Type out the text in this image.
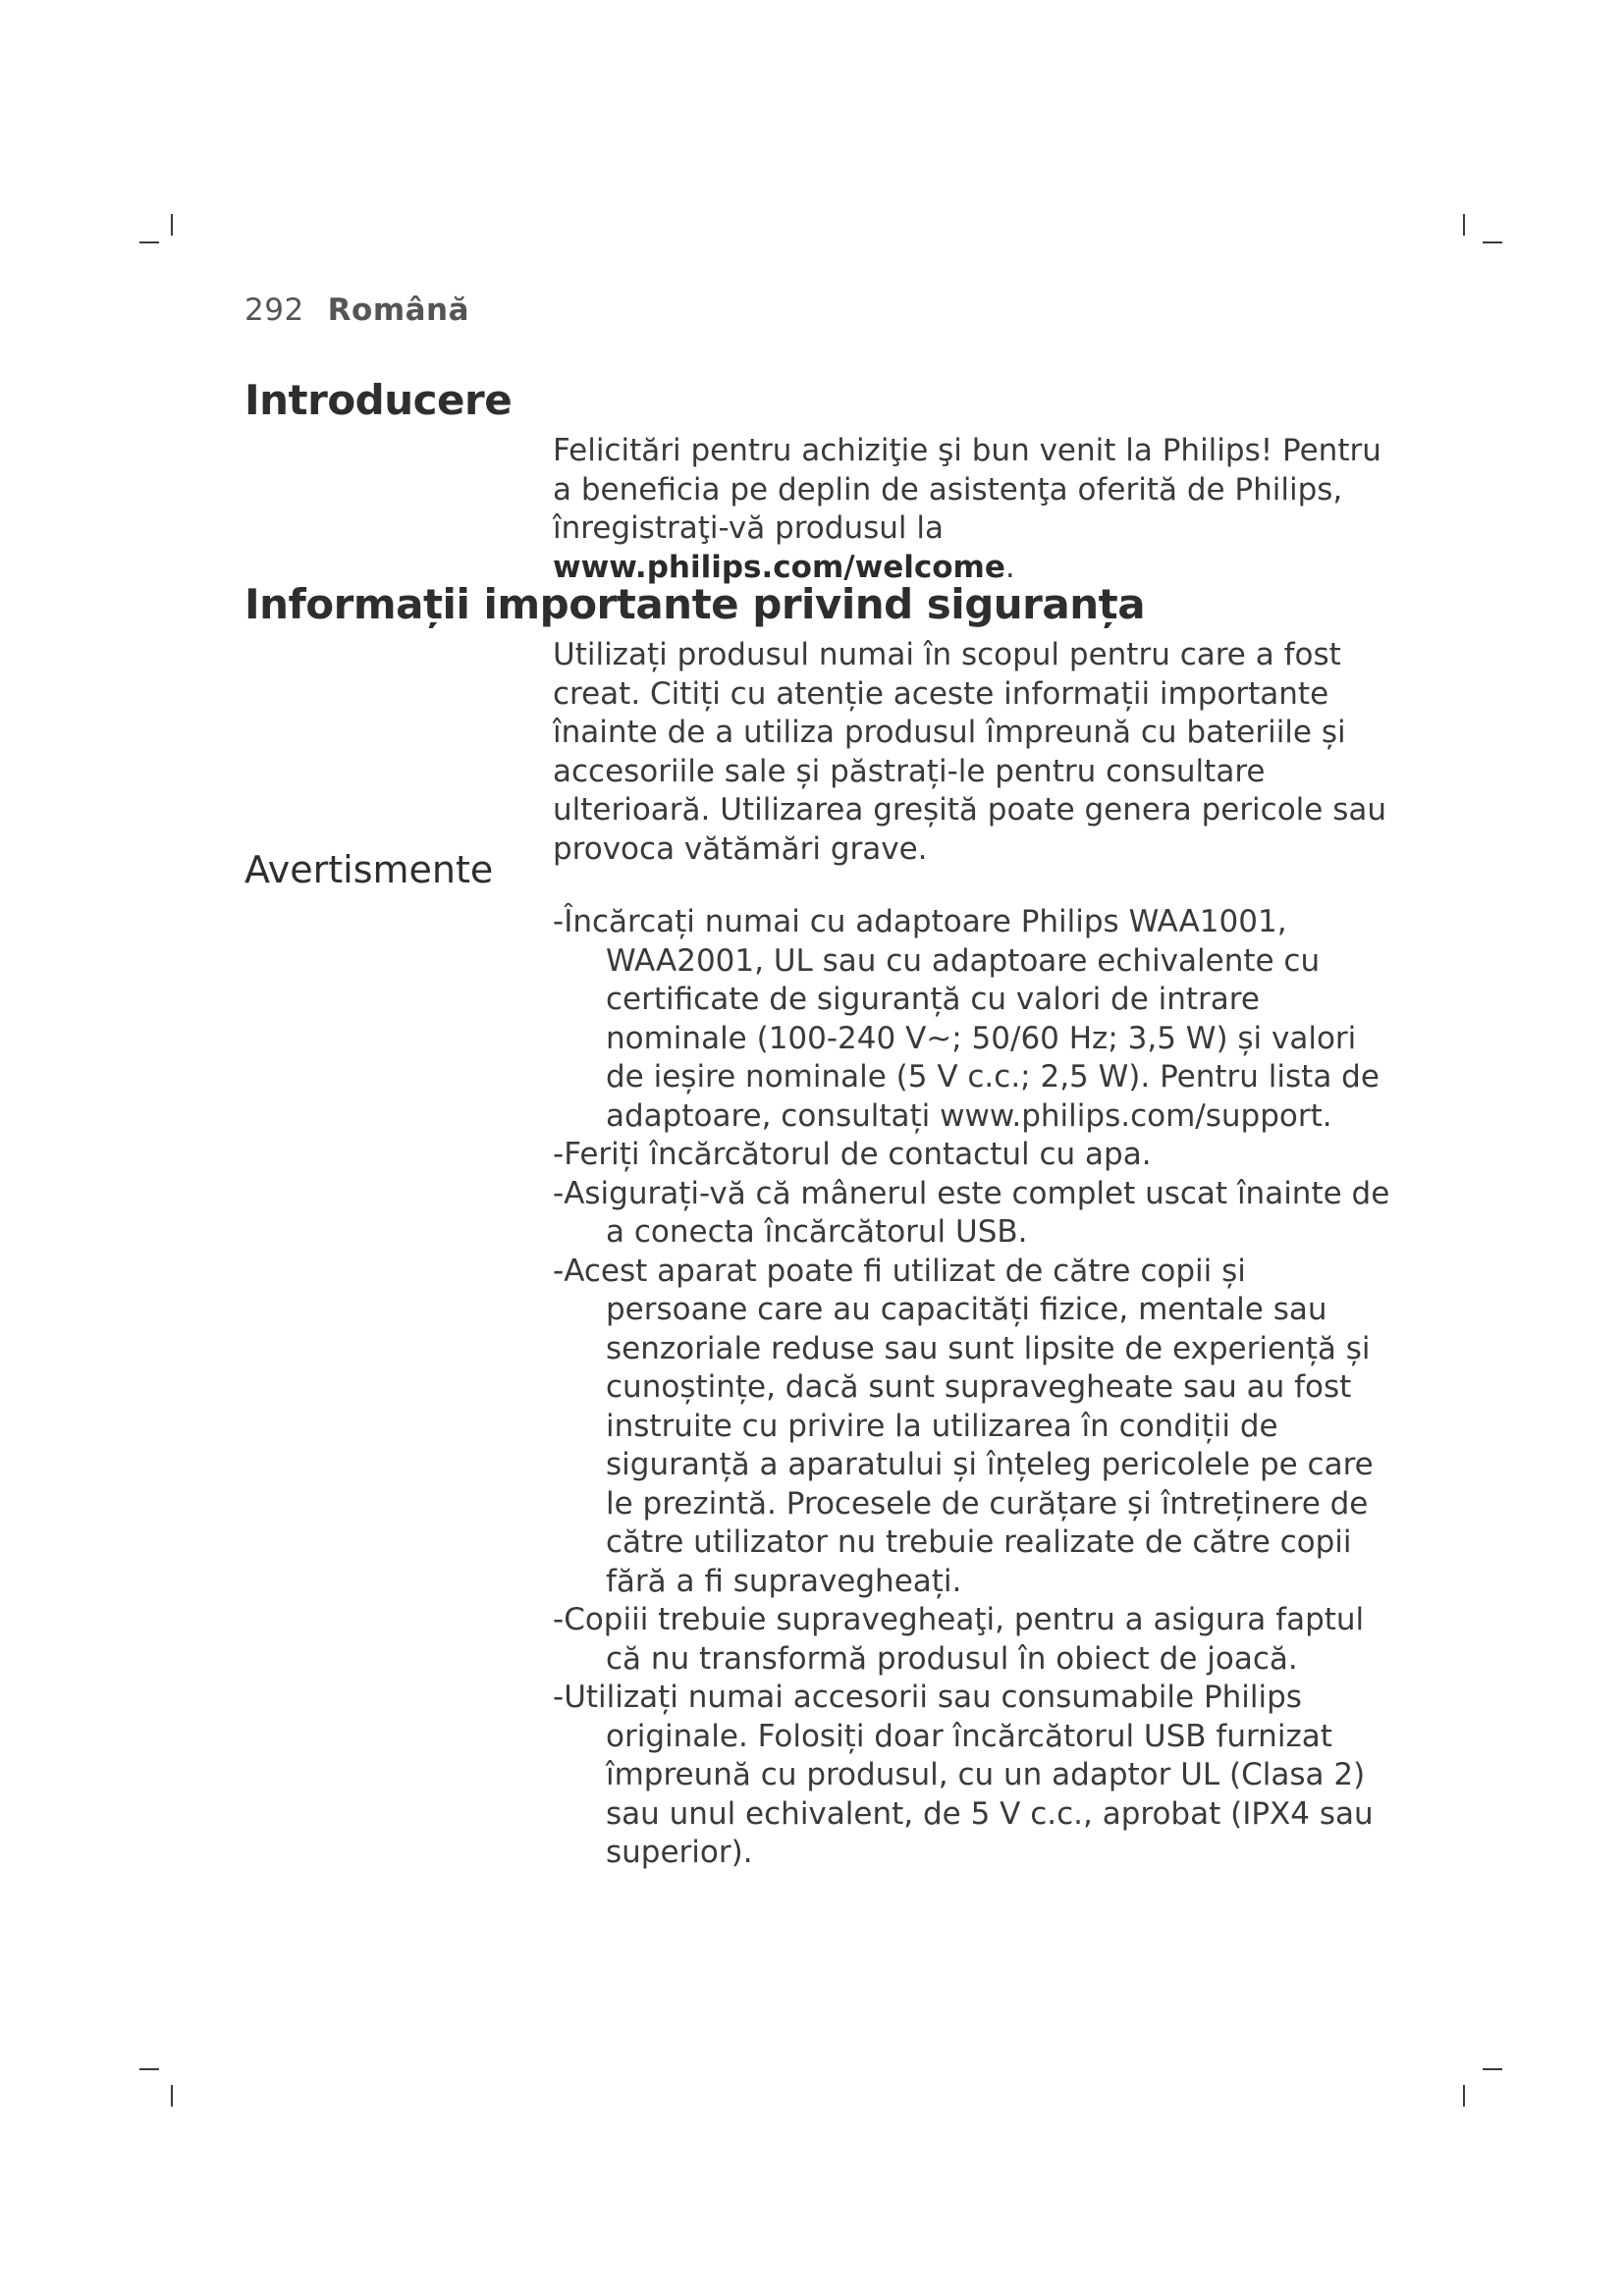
292 Română
Introducere

Felicitări pentru achiziţie şi bun venit la Philips! Pentru a beneficia pe deplin de asistenţa oferită de Philips, înregistraţi-vă produsul la www.philips.com/welcome.

Informații importante privind siguranța

Utilizați produsul numai în scopul pentru care a fost creat. Citiți cu atenție aceste informații importante înainte de a utiliza produsul împreună cu bateriile și accesoriile sale și păstrați-le pentru consultare ulterioară. Utilizarea greșită poate genera pericole sau provoca vătămări grave.

Avertismente
-Încărcați numai cu adaptoare Philips WAA1001, WAA2001, UL sau cu adaptoare echivalente cu certificate de siguranță cu valori de intrare nominale (100-240 V~; 50/60 Hz; 3,5 W) și valori de ieșire nominale (5 V c.c.; 2,5 W). Pentru lista de adaptoare, consultați www.philips.com/support.
-Feriți încărcătorul de contactul cu apa.
-Asigurați-vă că mânerul este complet uscat înainte de a conecta încărcătorul USB.
-Acest aparat poate fi utilizat de către copii și persoane care au capacități fizice, mentale sau senzoriale reduse sau sunt lipsite de experiență și cunoștințe, dacă sunt supravegheate sau au fost instruite cu privire la utilizarea în condiții de siguranță a aparatului și înțeleg pericolele pe care le prezintă. Procesele de curățare și întreținere de către utilizator nu trebuie realizate de către copii fără a fi supravegheați.
-Copiii trebuie supravegheaţi, pentru a asigura faptul că nu transformă produsul în obiect de joacă.
-Utilizați numai accesorii sau consumabile Philips originale. Folosiți doar încărcătorul USB furnizat împreună cu produsul, cu un adaptor UL (Clasa 2) sau unul echivalent, de 5 V c.c., aprobat (IPX4 sau superior).
